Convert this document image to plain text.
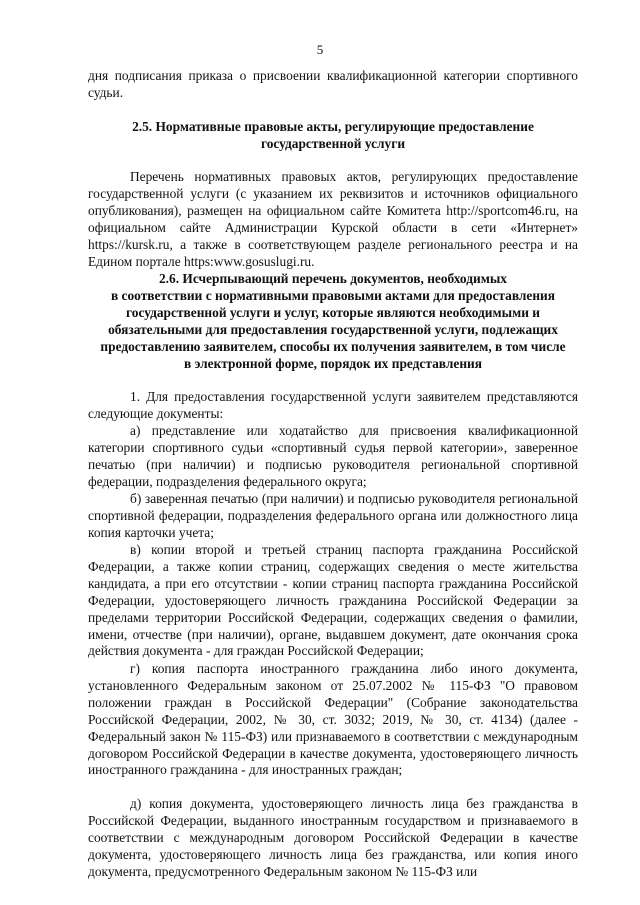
5

дня подписания приказа о присвоении квалификационной категории спортивного судьи.

2.5. Нормативные правовые акты, регулирующие предоставление
государственной услуги

Перечень нормативных правовых актов, регулирующих предоставление государственной услуги (с указанием их реквизитов и источников официального опубликования), размещен на официальном сайте Комитета http://sportcom46.ru, на официальном сайте Администрации Курской области в сети «Интернет» https://kursk.ru, а также в соответствующем разделе регионального реестра и на Едином портале https:www.gosuslugi.ru.

2.6. Исчерпывающий перечень документов, необходимых
в соответствии с нормативными правовыми актами для предоставления
государственной услуги и услуг, которые являются необходимыми и
обязательными для предоставления государственной услуги, подлежащих
предоставлению заявителем, способы их получения заявителем, в том числе
в электронной форме, порядок их представления

1. Для предоставления государственной услуги заявителем представляются следующие документы:

а) представление или ходатайство для присвоения квалификационной категории спортивного судьи «спортивный судья первой категории», заверенное печатью (при наличии) и подписью руководителя региональной спортивной федерации, подразделения федерального округа;

б) заверенная печатью (при наличии) и подписью руководителя региональной спортивной федерации, подразделения федерального органа или должностного лица копия карточки учета;

в) копии второй и третьей страниц паспорта гражданина Российской Федерации, а также копии страниц, содержащих сведения о месте жительства кандидата, а при его отсутствии - копии страниц паспорта гражданина Российской Федерации, удостоверяющего личность гражданина Российской Федерации за пределами территории Российской Федерации, содержащих сведения о фамилии, имени, отчестве (при наличии), органе, выдавшем документ, дате окончания срока действия документа - для граждан Российской Федерации;

г) копия паспорта иностранного гражданина либо иного документа, установленного Федеральным законом от 25.07.2002 № 115-ФЗ "О правовом положении граждан в Российской Федерации" (Собрание законодательства Российской Федерации, 2002, № 30, ст. 3032; 2019, № 30, ст. 4134) (далее - Федеральный закон № 115-ФЗ) или признаваемого в соответствии с международным договором Российской Федерации в качестве документа, удостоверяющего личность иностранного гражданина - для иностранных граждан;

д) копия документа, удостоверяющего личность лица без гражданства в Российской Федерации, выданного иностранным государством и признаваемого в соответствии с международным договором Российской Федерации в качестве документа, удостоверяющего личность лица без гражданства, или копия иного документа, предусмотренного Федеральным законом № 115-ФЗ или
